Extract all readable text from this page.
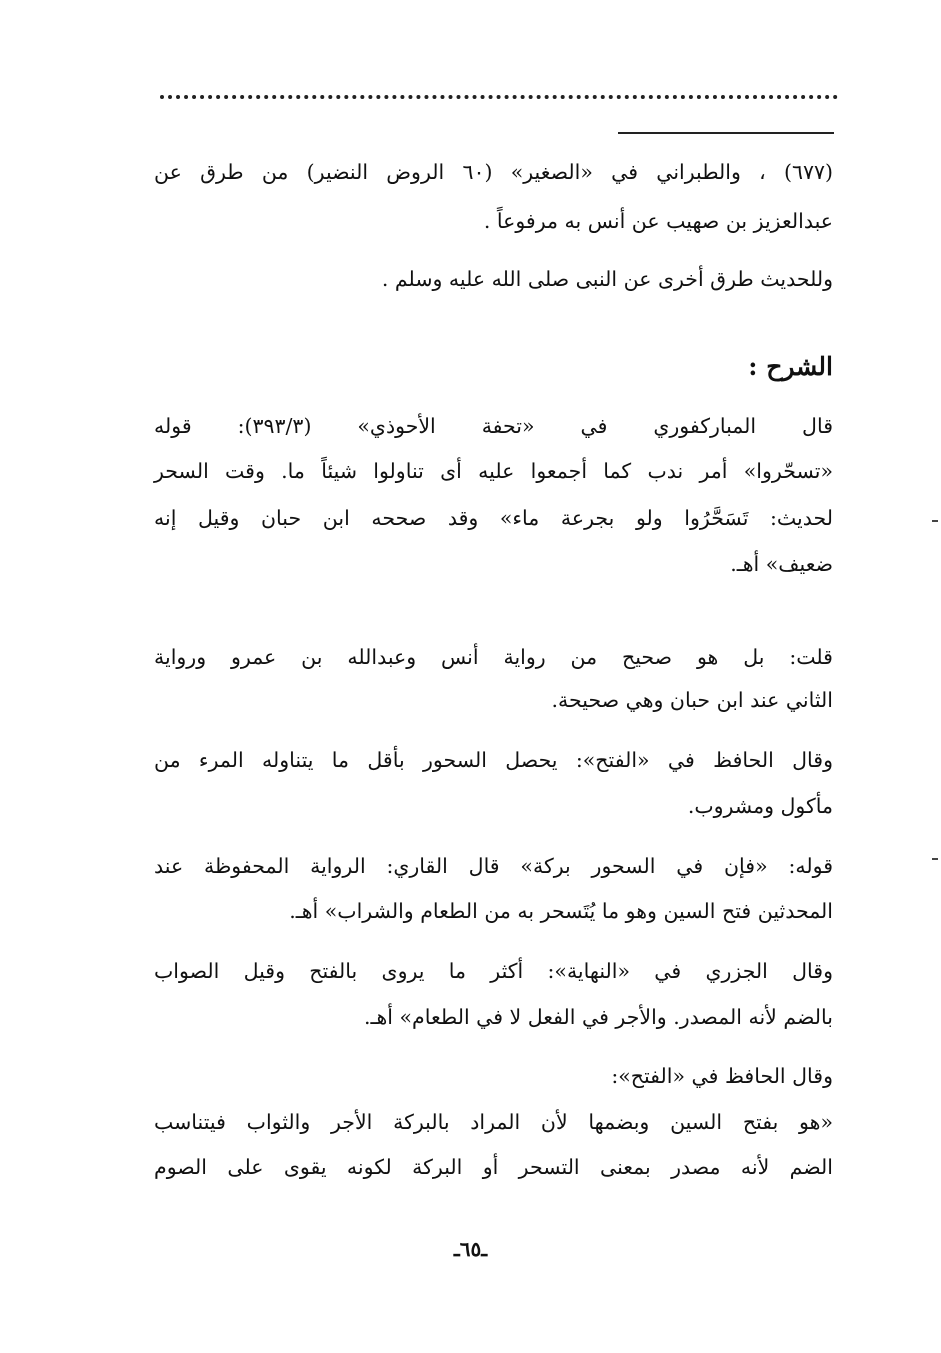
(٦٧٧) ، والطبراني في «الصغير» (٦٠ الروض النضير) من طرق عن
عبدالعزيز بن صهيب عن أنس به مرفوعاً .
وللحديث طرق أخرى عن النبى صلى الله عليه وسلم .
الشرح :
قال المباركفوري في «تحفة الأحوذي» (٣٩٣/٣): قوله
«تسحّروا» أمر ندب كما أجمعوا عليه أى تناولوا شيئاً ما. وقت السحر
لحديث: تَسَحَّرُوا ولو بجرعة ماء» وقد صححه ابن حبان وقيل إنه
ضعيف» أهـ.
قلت: بل هو صحيح من رواية أنس وعبدالله بن عمرو ورواية
الثاني عند ابن حبان وهي صحيحة.
وقال الحافظ في «الفتح»: يحصل السحور بأقل ما يتناوله المرء من
مأكول ومشروب.
قوله: «فإن في السحور بركة» قال القاري: الرواية المحفوظة عند
المحدثين فتح السين وهو ما يُتَسحر به من الطعام والشراب» أهـ.
وقال الجزري في «النهاية»: أكثر ما يروى بالفتح وقيل الصواب
بالضم لأنه المصدر. والأجر في الفعل لا في الطعام» أهـ.
وقال الحافظ في «الفتح»:
«هو بفتح السين وبضمها لأن المراد بالبركة الأجر والثواب فيتناسب
الضم لأنه مصدر بمعنى التسحر أو البركة لكونه يقوى على الصوم
ـ٦٥ـ
